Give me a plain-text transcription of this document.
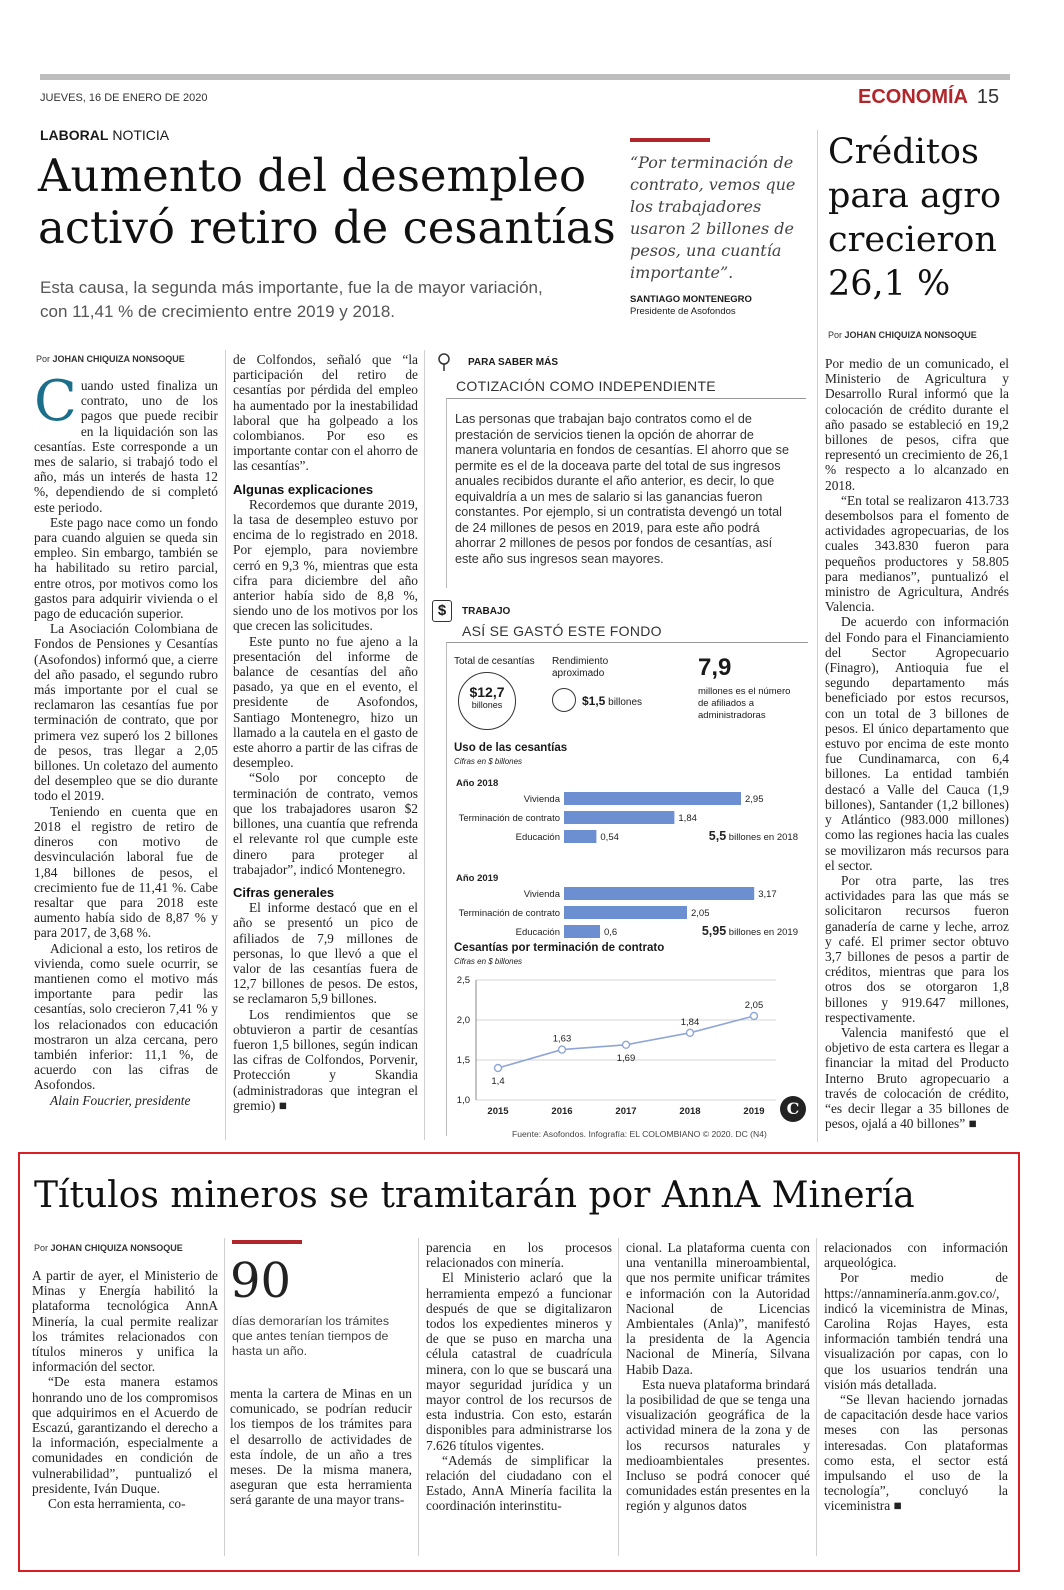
JUEVES, 16 DE ENERO DE 2020	ECONOMÍA 15
LABORAL NOTICIA
Aumento del desempleo
activó retiro de cesantías
Esta causa, la segunda más importante, fue la de mayor variación, con 11,41 % de crecimiento entre 2019 y 2018.
“Por terminación de contrato, vemos que los trabajadores usaron 2 billones de pesos, una cuantía importante”.
SANTIAGO MONTENEGRO
Presidente de Asofondos
Por JOHAN CHIQUIZA NONSOQUE

Cuando usted finaliza un contrato, uno de los pagos que puede recibir en la liquidación son las cesantías. Este corresponde a un mes de salario, si trabajó todo el año, más un interés de hasta 12 %, dependiendo de si completó este periodo.

Este pago nace como un fondo para cuando alguien se queda sin empleo. Sin embargo, también se ha habilitado su retiro parcial, entre otros, por motivos como los gastos para adquirir vivienda o el pago de educación superior.

La Asociación Colombiana de Fondos de Pensiones y Cesantías (Asofondos) informó que, a cierre del año pasado, el segundo rubro más importante por el cual se reclamaron las cesantías fue por terminación de contrato, que por primera vez superó los 2 billones de pesos, tras llegar a 2,05 billones. Un coletazo del aumento del desempleo que se dio durante todo el 2019.

Teniendo en cuenta que en 2018 el registro de retiro de dineros con motivo de desvinculación laboral fue de 1,84 billones de pesos, el crecimiento fue de 11,41 %. Cabe resaltar que para 2018 este aumento había sido de 8,87 % y para 2017, de 3,68 %.

Adicional a esto, los retiros de vivienda, como suele ocurrir, se mantienen como el motivo más importante para pedir las cesantías, solo crecieron 7,41 % y los relacionados con educación mostraron un alza cercana, pero también inferior: 11,1 %, de acuerdo con las cifras de Asofondos.

Alain Foucrier, presidente

de Colfondos, señaló que “la participación del retiro de cesantías por pérdida del empleo ha aumentado por la inestabilidad laboral que ha golpeado a los colombianos. Por eso es importante contar con el ahorro de las cesantías”.

Algunas explicaciones

Recordemos que durante 2019, la tasa de desempleo estuvo por encima de lo registrado en 2018. Por ejemplo, para noviembre cerró en 9,3 %, mientras que esta cifra para diciembre del año anterior había sido de 8,8 %, siendo uno de los motivos por los que crecen las solicitudes.

Este punto no fue ajeno a la presentación del informe de balance de cesantías del año pasado, ya que en el evento, el presidente de Asofondos, Santiago Montenegro, hizo un llamado a la cautela en el gasto de este ahorro a partir de las cifras de desempleo.

“Solo por concepto de terminación de contrato, vemos que los trabajadores usaron $2 billones, una cuantía que refrenda el relevante rol que cumple este dinero para proteger al trabajador”, indicó Montenegro.

Cifras generales

El informe destacó que en el año se presentó un pico de afiliados de 7,9 millones de personas, lo que llevó a que el valor de las cesantías fuera de 12,7 billones de pesos. De estos, se reclamaron 5,9 billones.

Los rendimientos que se obtuvieron a partir de cesantías fueron 1,5 billones, según indican las cifras de Colfondos, Porvenir, Protección y Skandia (administradoras que integran el gremio) ■

PARA SABER MÁS
COTIZACIÓN COMO INDEPENDIENTE
Las personas que trabajan bajo contratos como el de prestación de servicios tienen la opción de ahorrar de manera voluntaria en fondos de cesantías. El ahorro que se permite es el de la doceava parte del total de sus ingresos anuales recibidos durante el año anterior, es decir, lo que equivaldría a un mes de salario si las ganancias fueron constantes. Por ejemplo, si un contratista devengó un total de 24 millones de pesos en 2019, para este año podrá ahorrar 2 millones de pesos por fondos de cesantías, así este año sus ingresos sean mayores.
$	TRABAJO
ASÍ SE GASTÓ ESTE FONDO
Total de cesantías
$12,7
billones
Rendimiento aproximado
$1,5 billones
7,9
millones es el número de afiliados a administradoras
Uso de las cesantías
Cifras en $ billones
Año 2018
Vivienda	2,95
Terminación de contrato	1,84
Educación	0,54	5,5 billones en 2018
Año 2019
Vivienda	3,17
Terminación de contrato	2,05
Educación	0,6	5,95 billones en 2019
Cesantías por terminación de contrato
Cifras en $ billones
1,0
1,5
2,0
2,5
2015	2016	2017	2018	2019
1,4
1,63
1,69
1,84
2,05
C
Fuente: Asofondos. Infografía: EL COLOMBIANO © 2020. DC (N4)
Créditos
para agro
crecieron
26,1 %
Por JOHAN CHIQUIZA NONSOQUE

Por medio de un comunicado, el Ministerio de Agricultura y Desarrollo Rural informó que la colocación de crédito durante el año pasado se estableció en 19,2 billones de pesos, cifra que representó un crecimiento de 26,1 % respecto a lo alcanzado en 2018.

“En total se realizaron 413.733 desembolsos para el fomento de actividades agropecuarias, de los cuales 343.830 fueron para pequeños productores y 58.805 para medianos”, puntualizó el ministro de Agricultura, Andrés Valencia.

De acuerdo con información del Fondo para el Financiamiento del Sector Agropecuario (Finagro), Antioquia fue el segundo departamento más beneficiado por estos recursos, con un total de 3 billones de pesos. El único departamento que estuvo por encima de este monto fue Cundinamarca, con 6,4 billones. La entidad también destacó a Valle del Cauca (1,9 billones), Santander (1,2 billones) y Atlántico (983.000 millones) como las regiones hacia las cuales se movilizaron más recursos para el sector.

Por otra parte, las tres actividades para las que más se solicitaron recursos fueron ganadería de carne y leche, arroz y café. El primer sector obtuvo 3,7 billones de pesos a partir de créditos, mientras que para los otros dos se otorgaron 1,8 billones y 919.647 millones, respectivamente.

Valencia manifestó que el objetivo de esta cartera es llegar a financiar la mitad del Producto Interno Bruto agropecuario a través de colocación de crédito, “es decir llegar a 35 billones de pesos, ojalá a 40 billones” ■

Títulos mineros se tramitarán por AnnA Minería
Por JOHAN CHIQUIZA NONSOQUE

A partir de ayer, el Ministerio de Minas y Energía habilitó la plataforma tecnológica AnnA Minería, la cual permite realizar los trámites relacionados con títulos mineros y unifica la información del sector.

“De esta manera estamos honrando uno de los compromisos que adquirimos en el Acuerdo de Escazú, garantizando el derecho a la información, especialmente a comunidades en condición de vulnerabilidad”, puntualizó el presidente, Iván Duque.

Con esta herramienta, co-

90
días demorarían los trámites que antes tenían tiempos de hasta un año.

menta la cartera de Minas en un comunicado, se podrían reducir los tiempos de los trámites para el desarrollo de actividades de esta índole, de un año a tres meses. De la misma manera, aseguran que esta herramienta será garante de una mayor trans-

parencia en los procesos relacionados con minería.

El Ministerio aclaró que la herramienta empezó a funcionar después de que se digitalizaron todos los expedientes mineros y de que se puso en marcha una célula catastral de cuadrícula minera, con lo que se buscará una mayor seguridad jurídica y un mayor control de los recursos de esta industria. Con esto, estarán disponibles para administrarse los 7.626 títulos vigentes.

“Además de simplificar la relación del ciudadano con el Estado, AnnA Minería facilita la coordinación interinstitu-

cional. La plataforma cuenta con una ventanilla mineroambiental, que nos permite unificar trámites e información con la Autoridad Nacional de Licencias Ambientales (Anla)”, manifestó la presidenta de la Agencia Nacional de Minería, Silvana Habib Daza.

Esta nueva plataforma brindará la posibilidad de que se tenga una visualización geográfica de la actividad minera de la zona y de los recursos naturales y medioambientales presentes. Incluso se podrá conocer qué comunidades están presentes en la región y algunos datos

relacionados con información arqueológica.

Por medio de https://annaminería.anm.gov.co/, indicó la viceministra de Minas, Carolina Rojas Hayes, esta información también tendrá una visualización por capas, con lo que los usuarios tendrán una visión más detallada.

“Se llevan haciendo jornadas de capacitación desde hace varios meses con las personas interesadas. Con plataformas como esta, el sector está impulsando el uso de la tecnología”, concluyó la viceministra ■
